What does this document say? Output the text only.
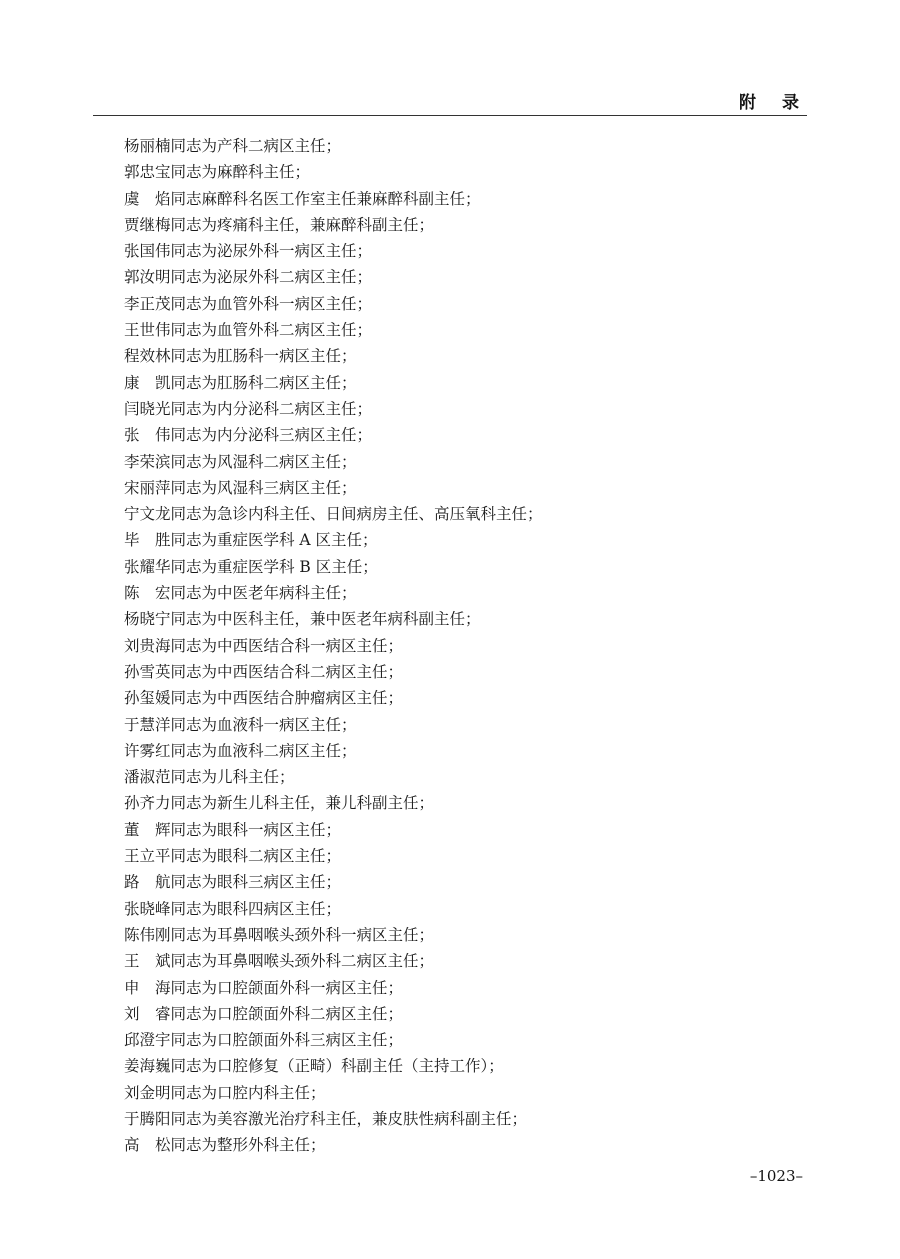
附录
杨丽楠同志为产科二病区主任；
郭忠宝同志为麻醉科主任；
虞　焰同志麻醉科名医工作室主任兼麻醉科副主任；
贾继梅同志为疼痛科主任，兼麻醉科副主任；
张国伟同志为泌尿外科一病区主任；
郭汝明同志为泌尿外科二病区主任；
李正茂同志为血管外科一病区主任；
王世伟同志为血管外科二病区主任；
程效林同志为肛肠科一病区主任；
康　凯同志为肛肠科二病区主任；
闫晓光同志为内分泌科二病区主任；
张　伟同志为内分泌科三病区主任；
李荣滨同志为风湿科二病区主任；
宋丽萍同志为风湿科三病区主任；
宁文龙同志为急诊内科主任、日间病房主任、高压氧科主任；
毕　胜同志为重症医学科 A 区主任；
张耀华同志为重症医学科 B 区主任；
陈　宏同志为中医老年病科主任；
杨晓宁同志为中医科主任，兼中医老年病科副主任；
刘贵海同志为中西医结合科一病区主任；
孙雪英同志为中西医结合科二病区主任；
孙玺媛同志为中西医结合肿瘤病区主任；
于慧洋同志为血液科一病区主任；
许雾红同志为血液科二病区主任；
潘淑范同志为儿科主任；
孙齐力同志为新生儿科主任，兼儿科副主任；
董　辉同志为眼科一病区主任；
王立平同志为眼科二病区主任；
路　航同志为眼科三病区主任；
张晓峰同志为眼科四病区主任；
陈伟刚同志为耳鼻咽喉头颈外科一病区主任；
王　斌同志为耳鼻咽喉头颈外科二病区主任；
申　海同志为口腔颌面外科一病区主任；
刘　睿同志为口腔颌面外科二病区主任；
邱澄宇同志为口腔颌面外科三病区主任；
姜海巍同志为口腔修复（正畸）科副主任（主持工作）；
刘金明同志为口腔内科主任；
于腾阳同志为美容激光治疗科主任，兼皮肤性病科副主任；
高　松同志为整形外科主任；
–1023–
